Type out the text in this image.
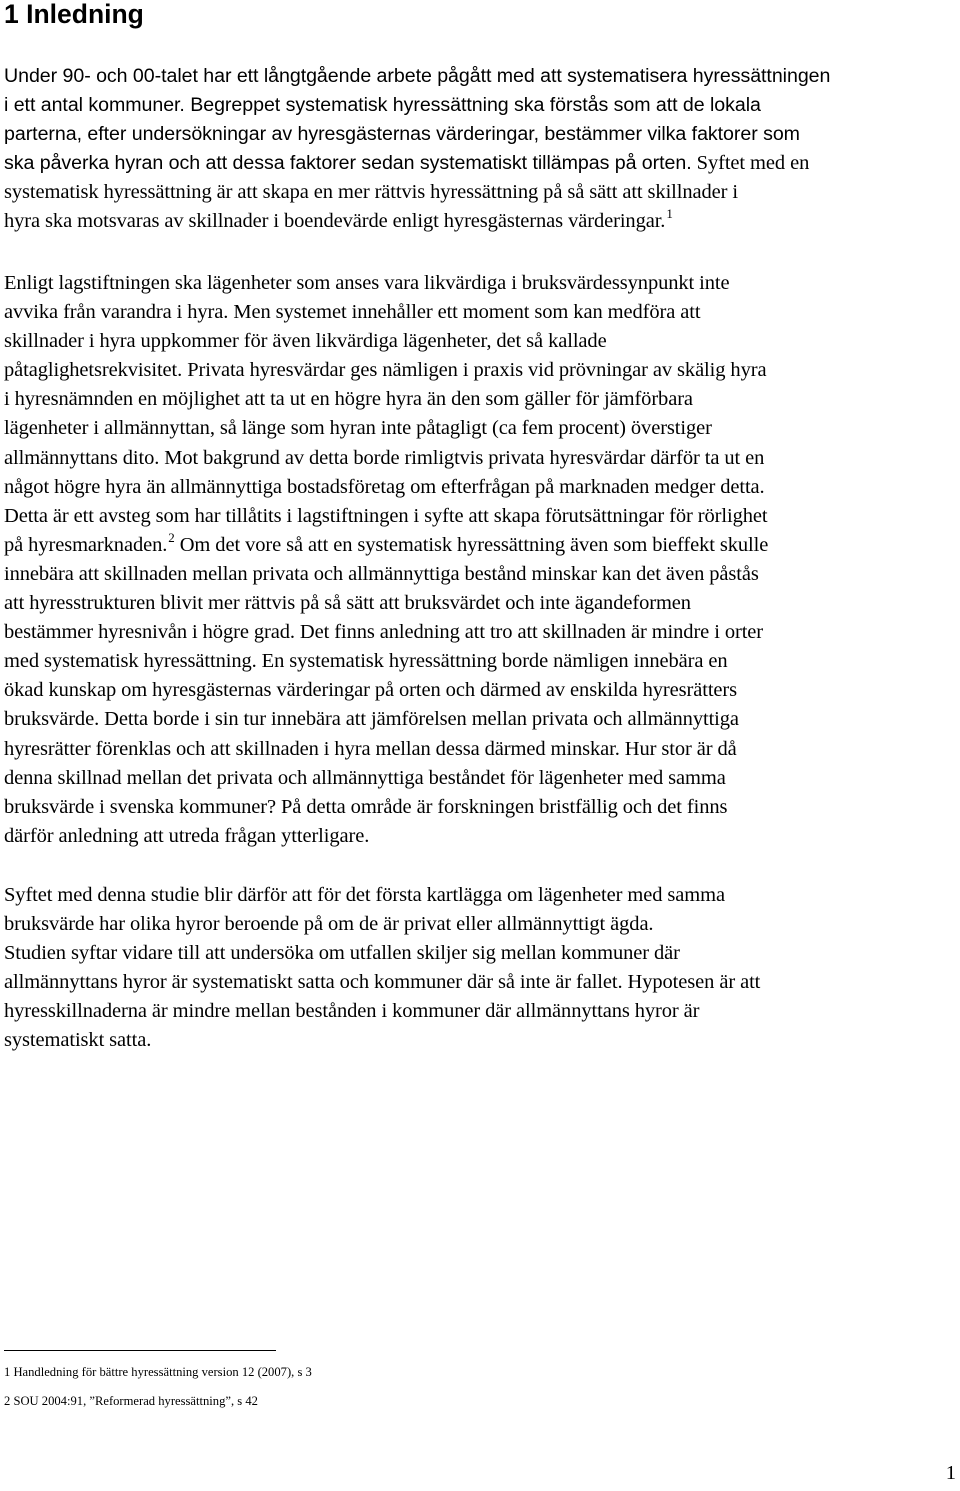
1 Inledning
Under 90- och 00-talet har ett långtgående arbete pågått med att systematisera hyressättningen
i ett antal kommuner. Begreppet systematisk hyressättning ska förstås som att de lokala
parterna, efter undersökningar av hyresgästernas värderingar, bestämmer vilka faktorer som
ska påverka hyran och att dessa faktorer sedan systematiskt tillämpas på orten. Syftet med en
systematisk hyressättning är att skapa en mer rättvis hyressättning på så sätt att skillnader i
hyra ska motsvaras av skillnader i boendevärde enligt hyresgästernas värderingar.$^1$
Enligt lagstiftningen ska lägenheter som anses vara likvärdiga i bruksvärdessynpunkt inte
avvika från varandra i hyra. Men systemet innehåller ett moment som kan medföra att
skillnader i hyra uppkommer för även likvärdiga lägenheter, det så kallade
påtaglighetsrekvisitet. Privata hyresvärdar ges nämligen i praxis vid prövningar av skälig hyra
i hyresnämnden en möjlighet att ta ut en högre hyra än den som gäller för jämförbara
lägenheter i allmännyttan, så länge som hyran inte påtagligt (ca fem procent) överstiger
allmännyttans dito. Mot bakgrund av detta borde rimligtvis privata hyresvärdar därför ta ut en
något högre hyra än allmännyttiga bostadsföretag om efterfrågan på marknaden medger detta.
Detta är ett avsteg som har tillåtits i lagstiftningen i syfte att skapa förutsättningar för rörlighet
på hyresmarknaden.$^2$ Om det vore så att en systematisk hyressättning även som bieffekt skulle
innebära att skillnaden mellan privata och allmännyttiga bestånd minskar kan det även påstås
att hyresstrukturen blivit mer rättvis på så sätt att bruksvärdet och inte ägandeformen
bestämmer hyresnivån i högre grad. Det finns anledning att tro att skillnaden är mindre i orter
med systematisk hyressättning. En systematisk hyressättning borde nämligen innebära en
ökad kunskap om hyresgästernas värderingar på orten och därmed av enskilda hyresrätters
bruksvärde. Detta borde i sin tur innebära att jämförelsen mellan privata och allmännyttiga
hyresrätter förenklas och att skillnaden i hyra mellan dessa därmed minskar. Hur stor är då
denna skillnad mellan det privata och allmännyttiga beståndet för lägenheter med samma
bruksvärde i svenska kommuner? På detta område är forskningen bristfällig och det finns
därför anledning att utreda frågan ytterligare.
Syftet med denna studie blir därför att för det första kartlägga om lägenheter med samma
bruksvärde har olika hyror beroende på om de är privat eller allmännyttigt ägda.
Studien syftar vidare till att undersöka om utfallen skiljer sig mellan kommuner där
allmännyttans hyror är systematiskt satta och kommuner där så inte är fallet. Hypotesen är att
hyresskillnaderna är mindre mellan bestånden i kommuner där allmännyttans hyror är
systematiskt satta.

1 Handledning för bättre hyressättning version 12 (2007), s 3

2 SOU 2004:91, ”Reformerad hyressättning”, s 42

1
